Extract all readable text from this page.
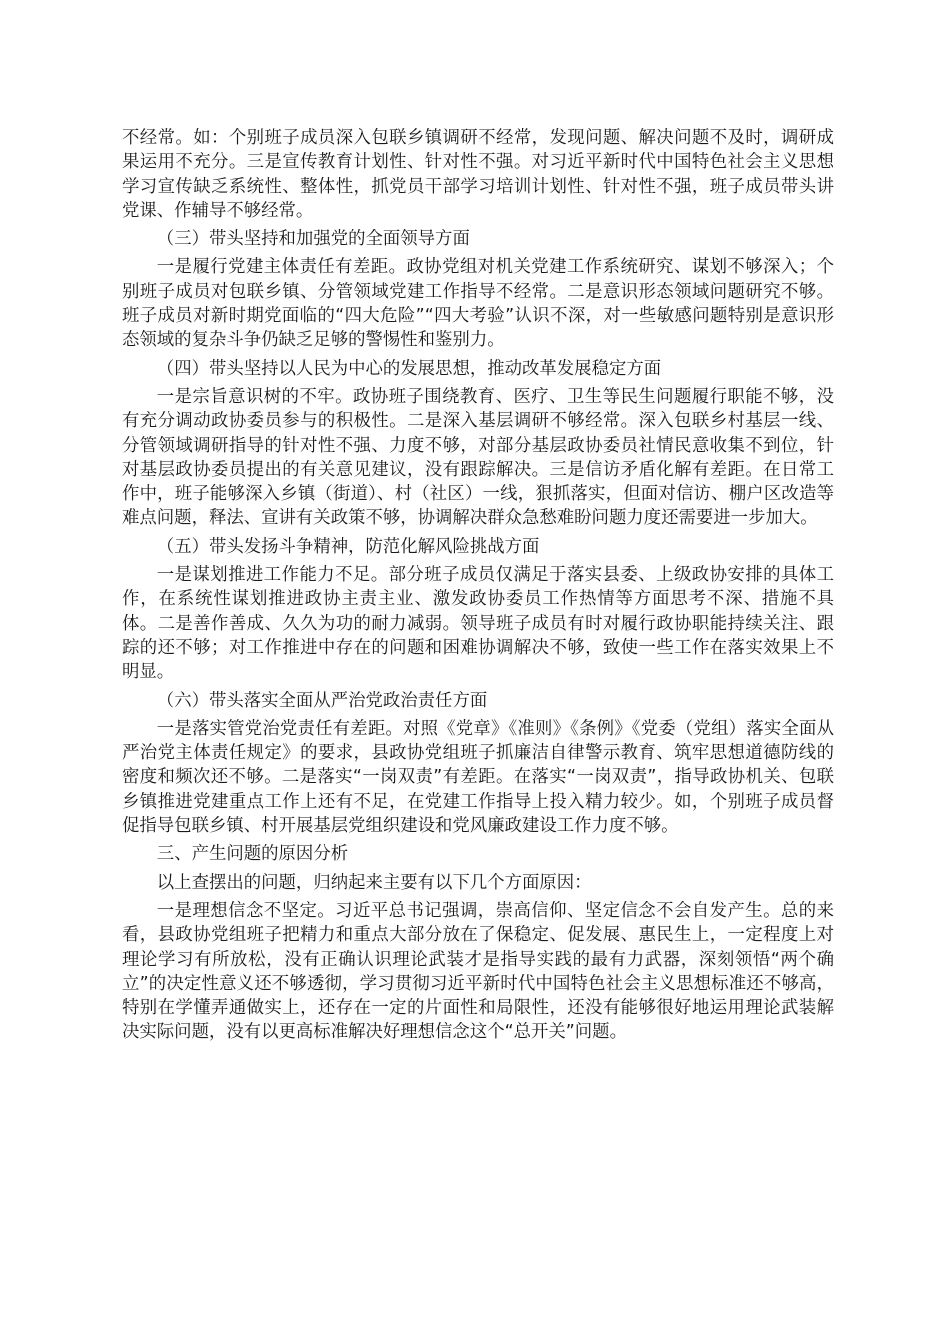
不经常。如：个别班子成员深入包联乡镇调研不经常，发现问题、解决问题不及时，调研成果运用不充分。三是宣传教育计划性、针对性不强。对习近平新时代中国特色社会主义思想学习宣传缺乏系统性、整体性，抓党员干部学习培训计划性、针对性不强，班子成员带头讲党课、作辅导不够经常。

（三）带头坚持和加强党的全面领导方面

一是履行党建主体责任有差距。政协党组对机关党建工作系统研究、谋划不够深入；个别班子成员对包联乡镇、分管领域党建工作指导不经常。二是意识形态领域问题研究不够。班子成员对新时期党面临的“四大危险”“四大考验”认识不深，对一些敏感问题特别是意识形态领域的复杂斗争仍缺乏足够的警惕性和鉴别力。

（四）带头坚持以人民为中心的发展思想，推动改革发展稳定方面

一是宗旨意识树的不牢。政协班子围绕教育、医疗、卫生等民生问题履行职能不够，没有充分调动政协委员参与的积极性。二是深入基层调研不够经常。深入包联乡村基层一线、分管领域调研指导的针对性不强、力度不够，对部分基层政协委员社情民意收集不到位，针对基层政协委员提出的有关意见建议，没有跟踪解决。三是信访矛盾化解有差距。在日常工作中，班子能够深入乡镇（街道）、村（社区）一线，狠抓落实，但面对信访、棚户区改造等难点问题，释法、宣讲有关政策不够，协调解决群众急愁难盼问题力度还需要进一步加大。

（五）带头发扬斗争精神，防范化解风险挑战方面

一是谋划推进工作能力不足。部分班子成员仅满足于落实县委、上级政协安排的具体工作，在系统性谋划推进政协主责主业、激发政协委员工作热情等方面思考不深、措施不具体。二是善作善成、久久为功的耐力减弱。领导班子成员有时对履行政协职能持续关注、跟踪的还不够；对工作推进中存在的问题和困难协调解决不够，致使一些工作在落实效果上不明显。

（六）带头落实全面从严治党政治责任方面

一是落实管党治党责任有差距。对照《党章》《准则》《条例》《党委（党组）落实全面从严治党主体责任规定》的要求，县政协党组班子抓廉洁自律警示教育、筑牢思想道德防线的密度和频次还不够。二是落实“一岗双责”有差距。在落实“一岗双责”，指导政协机关、包联乡镇推进党建重点工作上还有不足，在党建工作指导上投入精力较少。如，个别班子成员督促指导包联乡镇、村开展基层党组织建设和党风廉政建设工作力度不够。

三、产生问题的原因分析

以上查摆出的问题，归纳起来主要有以下几个方面原因：

一是理想信念不坚定。习近平总书记强调，崇高信仰、坚定信念不会自发产生。总的来看，县政协党组班子把精力和重点大部分放在了保稳定、促发展、惠民生上，一定程度上对理论学习有所放松，没有正确认识理论武装才是指导实践的最有力武器，深刻领悟“两个确立”的决定性意义还不够透彻，学习贯彻习近平新时代中国特色社会主义思想标准还不够高，特别在学懂弄通做实上，还存在一定的片面性和局限性，还没有能够很好地运用理论武装解决实际问题，没有以更高标准解决好理想信念这个“总开关”问题。
